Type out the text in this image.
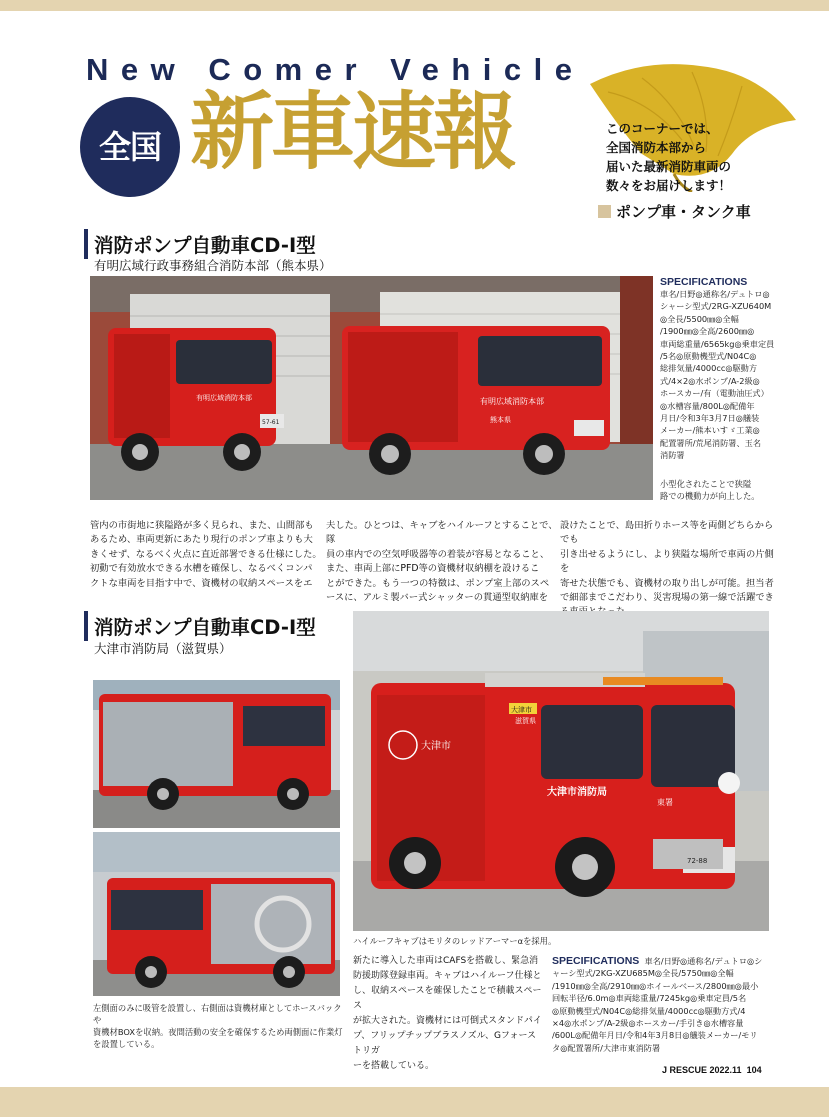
New Comer Vehicle
全国 新車速報	このコーナーでは、
全国消防本部から
届いた最新消防車両の
数々をお届けします！
ポンプ車・タンク車
消防ポンプ自動車CD-Ⅰ型
有明広域行政事務組合消防本部（熊本県）
有明広域消防本部	有明広域消防本部
熊本県
57-61
SPECIFICATIONS
車名/日野◎通称名/デュトロ◎
シャーシ型式/2RG-XZU640M
◎全長/5500㎜◎全幅
/1900㎜◎全高/2600㎜◎
車両総重量/6565kg◎乗車定員
/5名◎原動機型式/N04C◎
総排気量/4000cc◎駆動方
式/4×2◎水ポンプ/A-2級◎
ホースカー/有（電動油圧式）
◎水槽容量/800L◎配備年
月日/令和3年3月7日◎艤装
メーカー/熊本いすゞ工業◎
配置署所/荒尾消防署、玉名
消防署
小型化されたことで狭隘
路での機動力が向上した。
管内の市街地に狭隘路が多く見られ、また、山間部も
あるため、車両更新にあたり現行のポンプ車よりも大
きくせず、なるべく火点に直近部署できる仕様にした。
初動で有効放水できる水槽を確保し、なるべくコンパ
クトな車両を目指す中で、資機材の収納スペースをエ
夫した。ひとつは、キャブをハイルーフとすることで、隊
員の車内での空気呼吸器等の着装が容易となること、
また、車両上部にPFD等の資機材収納棚を設けるこ
とができた。もう一つの特徴は、ポンプ室上部のスペ
ースに、アルミ製バー式シャッターの貫通型収納庫を
設けたことで、島田折りホース等を両側どちらからでも
引き出せるようにし、より狭隘な場所で車両の片側を
寄せた状態でも、資機材の取り出しが可能。担当者
で細部までこだわり、災害現場の第一線で活躍でき
消防ポンプ自動車CD-Ⅰ型
大津市消防局（滋賀県）
大津市
滋賀県
大津市
大津市消防局
東署
72-88
ハイルーフキャブはモリタのレッドアーマーαを採用。
新たに導入した車両はCAFSを搭載し、緊急消
防援助隊登録車両。キャブはハイルーフ仕様と
し、収納スペースを確保したことで積載スペース
が拡大された。資機材には可倒式スタンドパイ
プ、フリップチップブラスノズル、Gフォーストリガ
ーを搭載している。
SPECIFICATIONS 車名/日野◎通称名/デュトロ◎シ
ャーシ型式/2KG-XZU685M◎全長/5750㎜◎全幅
/1910㎜◎全高/2910㎜◎ホイールベース/2800㎜◎最小
回転半径/6.0m◎車両総重量/7245kg◎乗車定員/5名
◎原動機型式/N04C◎総排気量/4000cc◎駆動方式/4
×4◎水ポンプ/A-2級◎ホースカー/手引き◎水槽容量
/600L◎配備年月日/令和4年3月8日◎艤装メーカー/モリ
タ◎配置署所/大津市東消防署
左側面のみに吸管を設置し、右側面は資機材庫としてホースバックや
資機材BOXを収納。夜間活動の安全を確保するため両側面に作業灯
を設置している。
J RESCUE 2022.11 104
